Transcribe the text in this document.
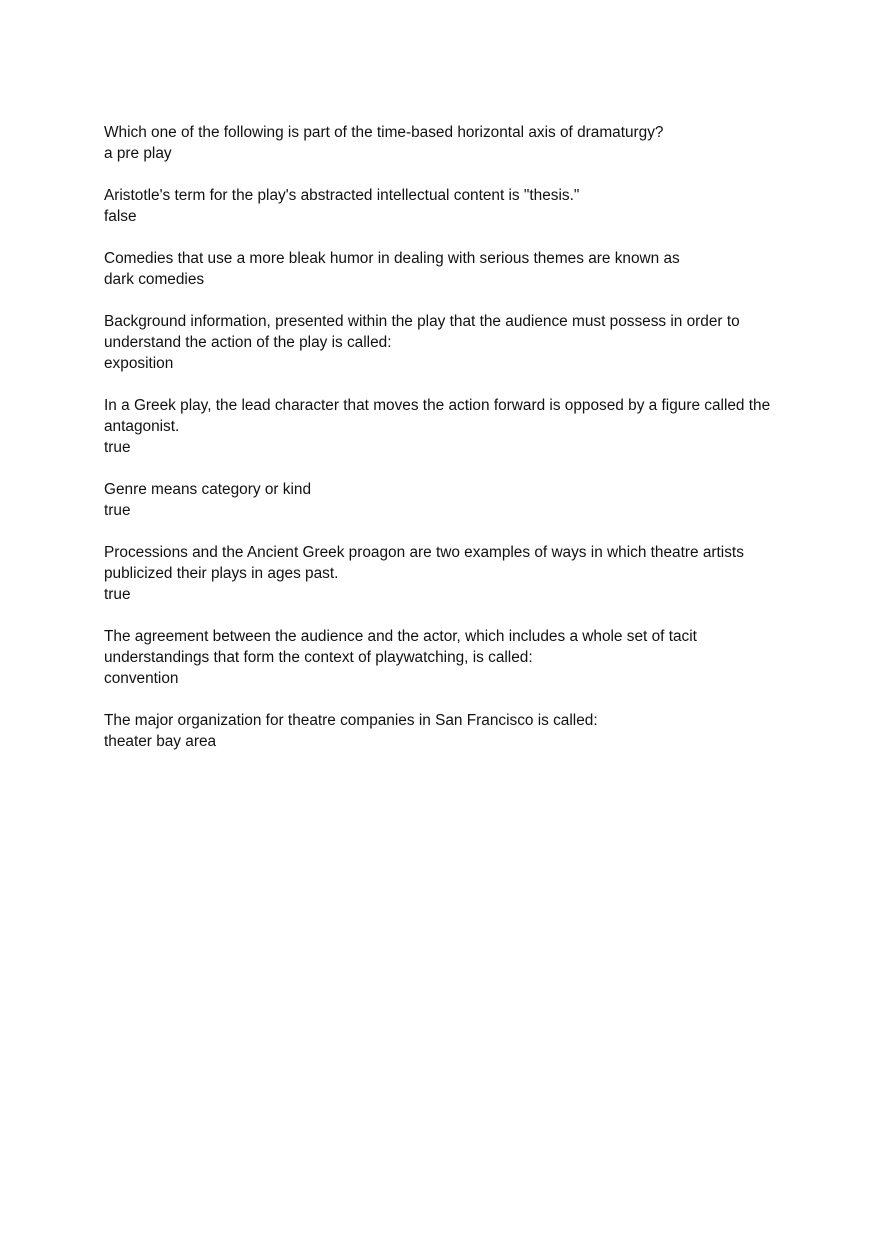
Which one of the following is part of the time-based horizontal axis of dramaturgy?

a pre play

Aristotle's term for the play's abstracted intellectual content is "thesis."

false

Comedies that use a more bleak humor in dealing with serious themes are known as

dark comedies

Background information, presented within the play that the audience must possess in order to understand the action of the play is called:

exposition

In a Greek play, the lead character that moves the action forward is opposed by a figure called the antagonist.

true

Genre means category or kind

true

Processions and the Ancient Greek proagon are two examples of ways in which theatre artists publicized their plays in ages past.

true

The agreement between the audience and the actor, which includes a whole set of tacit understandings that form the context of playwatching, is called:

convention

The major organization for theatre companies in San Francisco is called:

theater bay area
